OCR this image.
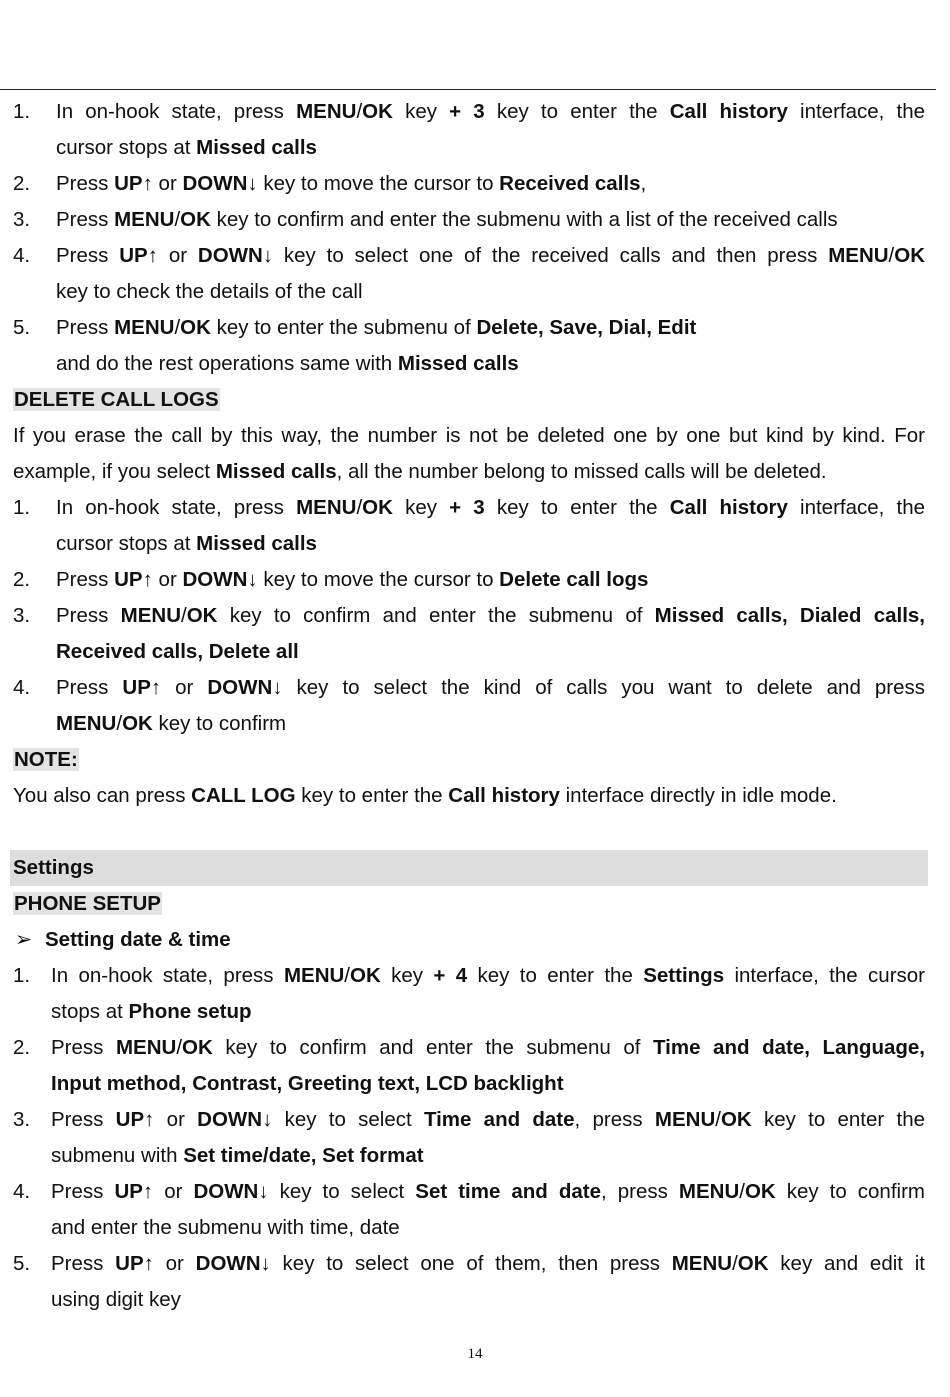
1. In on-hook state, press MENU/OK key + 3 key to enter the Call history interface, the
cursor stops at Missed calls
2. Press UP↑ or DOWN↓ key to move the cursor to Received calls,
3. Press MENU/OK key to confirm and enter the submenu with a list of the received calls
4. Press UP↑ or DOWN↓ key to select one of the received calls and then press MENU/OK
key to check the details of the call
5. Press MENU/OK key to enter the submenu of Delete, Save, Dial, Edit
and do the rest operations same with Missed calls
DELETE CALL LOGS
If you erase the call by this way, the number is not be deleted one by one but kind by kind. For
example, if you select Missed calls, all the number belong to missed calls will be deleted.
1. In on-hook state, press MENU/OK key + 3 key to enter the Call history interface, the
cursor stops at Missed calls
2. Press UP↑ or DOWN↓ key to move the cursor to Delete call logs
3. Press MENU/OK key to confirm and enter the submenu of Missed calls, Dialed calls,
Received calls, Delete all
4. Press UP↑ or DOWN↓ key to select the kind of calls you want to delete and press
MENU/OK key to confirm
NOTE:
You also can press CALL LOG key to enter the Call history interface directly in idle mode.
Settings
PHONE SETUP
➢ Setting date & time
1. In on-hook state, press MENU/OK key + 4 key to enter the Settings interface, the cursor
stops at Phone setup
2. Press MENU/OK key to confirm and enter the submenu of Time and date, Language,
Input method, Contrast, Greeting text, LCD backlight
3. Press UP↑ or DOWN↓ key to select Time and date, press MENU/OK key to enter the
submenu with Set time/date, Set format
4. Press UP↑ or DOWN↓ key to select Set time and date, press MENU/OK key to confirm
and enter the submenu with time, date
5. Press UP↑ or DOWN↓ key to select one of them, then press MENU/OK key and edit it
using digit key
14
